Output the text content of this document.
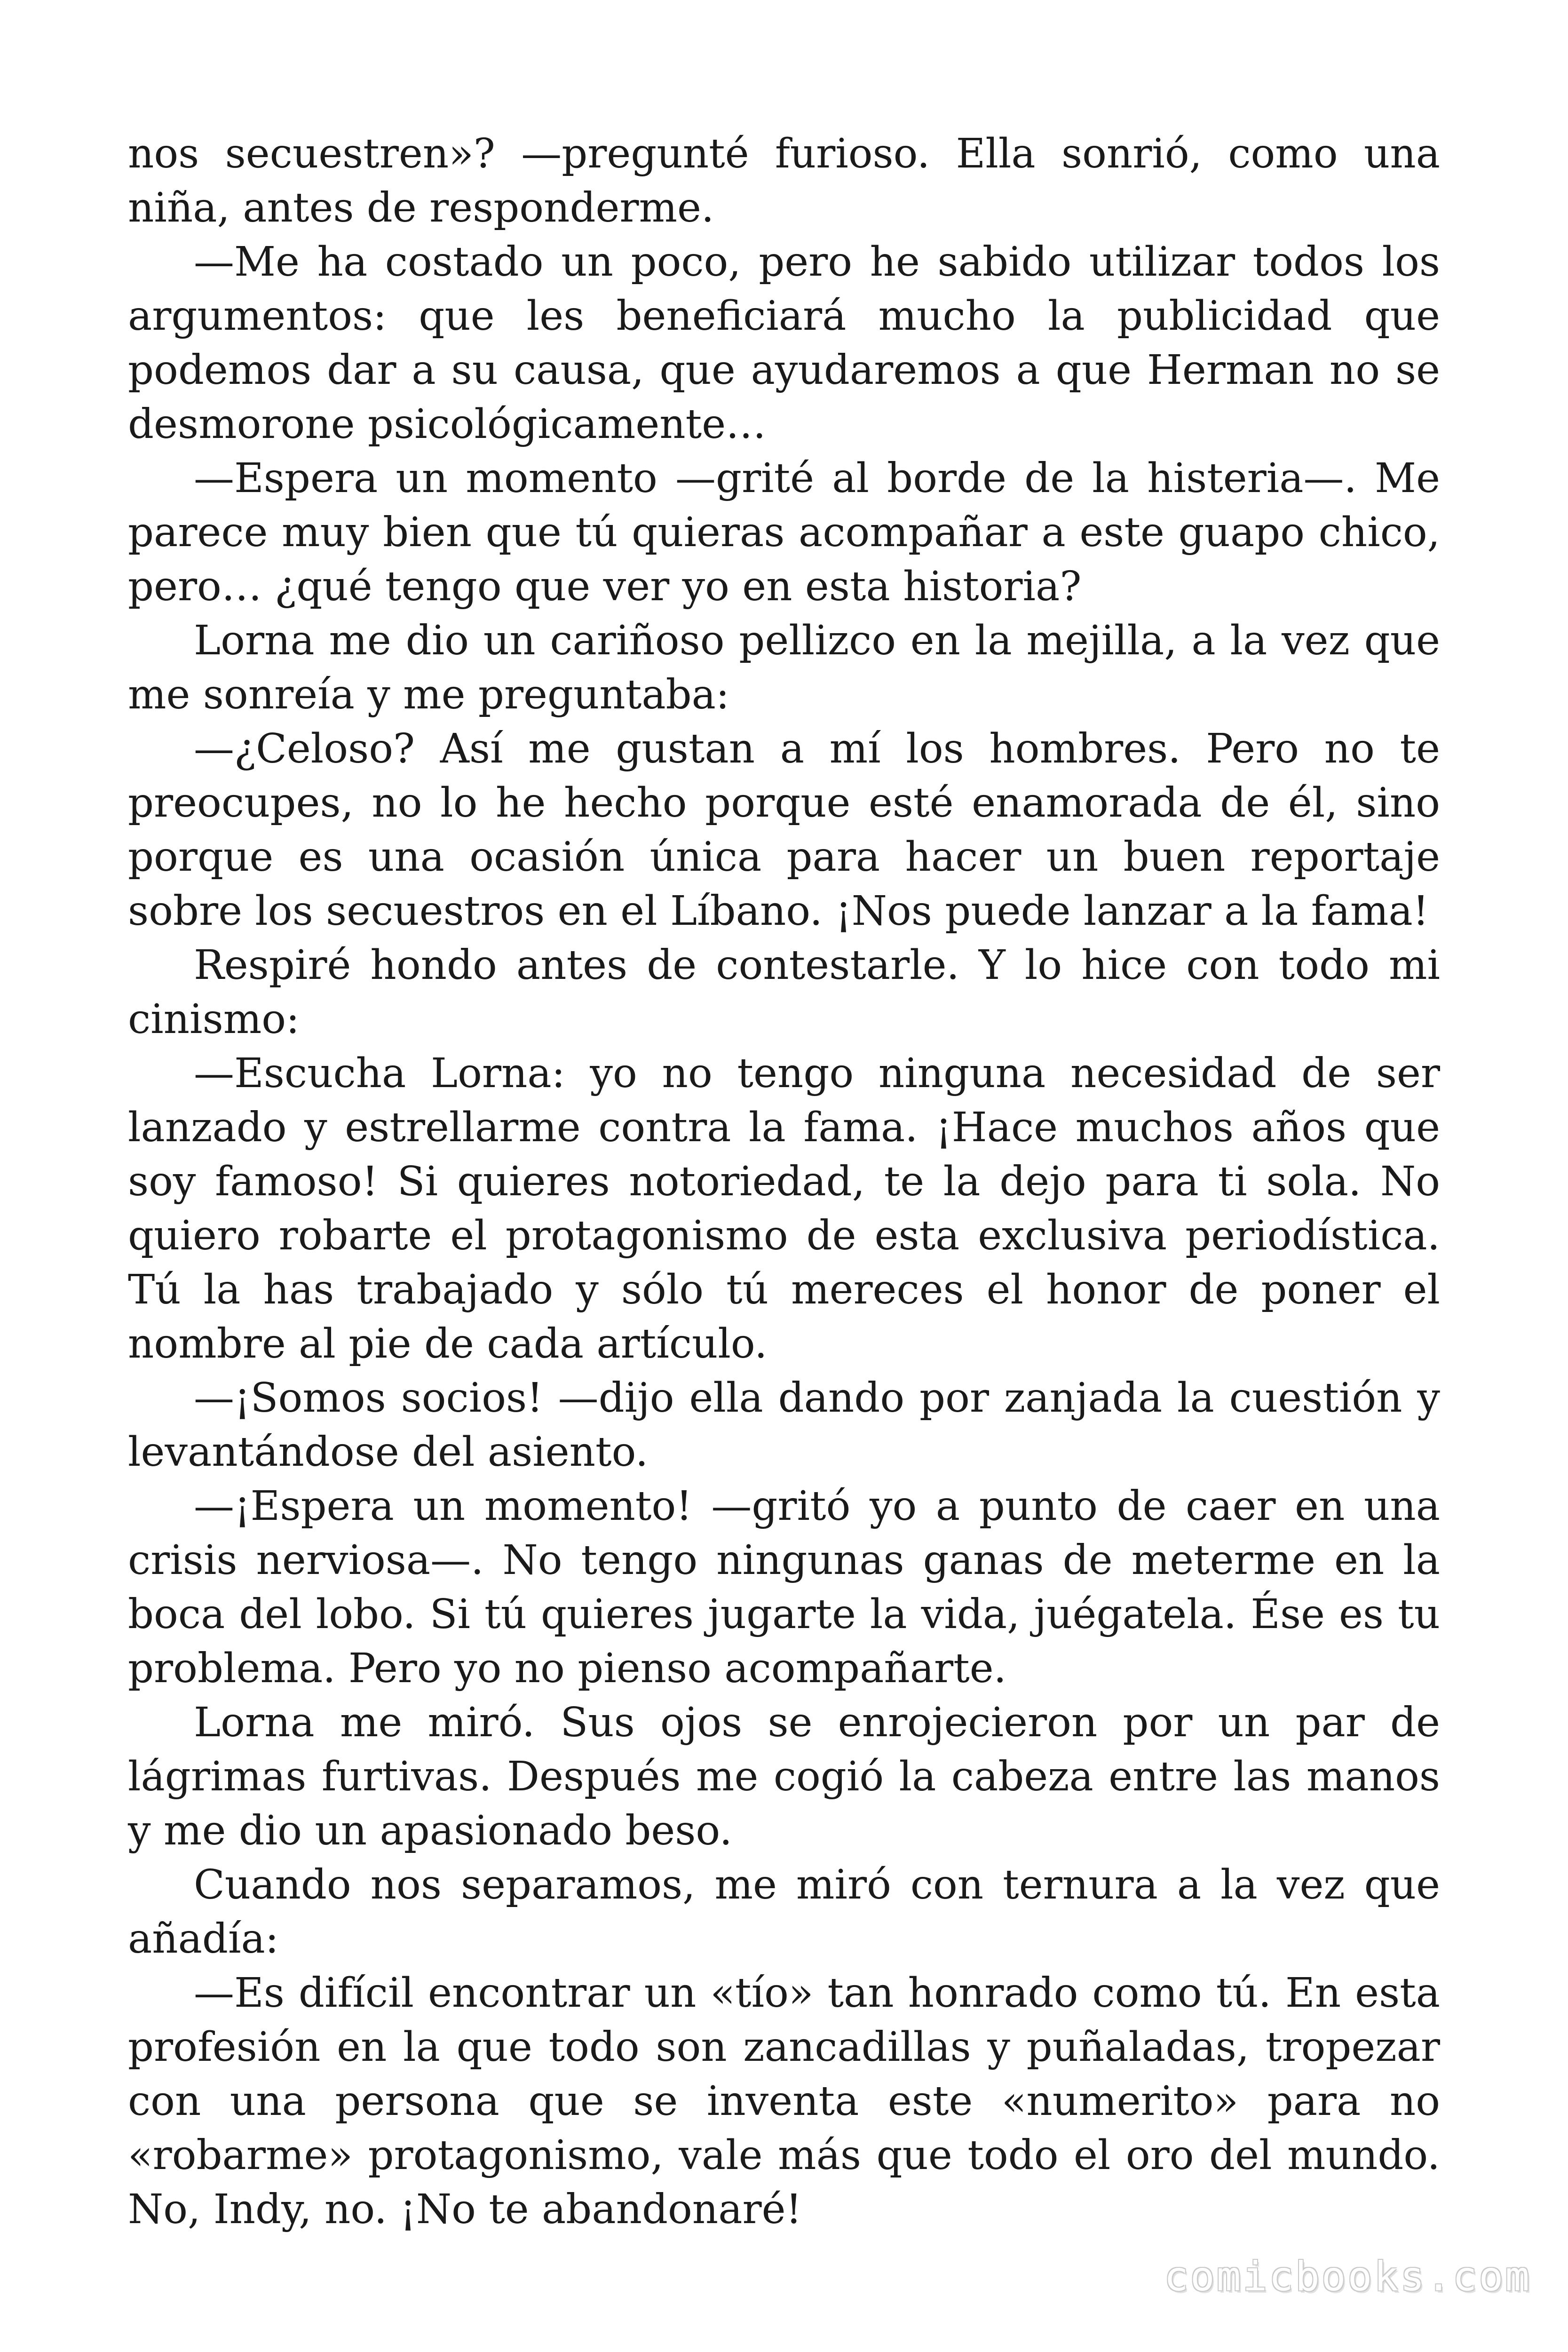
nos secuestren»? —pregunté furioso. Ella sonrió, como una niña, antes de responderme.

—Me ha costado un poco, pero he sabido utilizar todos los argumentos: que les beneficiará mucho la publicidad que podemos dar a su causa, que ayudaremos a que Herman no se desmorone psicológicamente…

—Espera un momento —grité al borde de la histeria—. Me parece muy bien que tú quieras acompañar a este guapo chico, pero… ¿qué tengo que ver yo en esta historia?

Lorna me dio un cariñoso pellizco en la mejilla, a la vez que me sonreía y me preguntaba:

—¿Celoso? Así me gustan a mí los hombres. Pero no te preocupes, no lo he hecho porque esté enamorada de él, sino porque es una ocasión única para hacer un buen reportaje sobre los secuestros en el Líbano. ¡Nos puede lanzar a la fama!

Respiré hondo antes de contestarle. Y lo hice con todo mi cinismo:

—Escucha Lorna: yo no tengo ninguna necesidad de ser lanzado y estrellarme contra la fama. ¡Hace muchos años que soy famoso! Si quieres notoriedad, te la dejo para ti sola. No quiero robarte el protagonismo de esta exclusiva periodística. Tú la has trabajado y sólo tú mereces el honor de poner el nombre al pie de cada artículo.

—¡Somos socios! —dijo ella dando por zanjada la cuestión y levantándose del asiento.

—¡Espera un momento! —gritó yo a punto de caer en una crisis nerviosa—. No tengo ningunas ganas de meterme en la boca del lobo. Si tú quieres jugarte la vida, juégatela. Ése es tu problema. Pero yo no pienso acompañarte.

Lorna me miró. Sus ojos se enrojecieron por un par de lágrimas furtivas. Después me cogió la cabeza entre las manos y me dio un apasionado beso.

Cuando nos separamos, me miró con ternura a la vez que añadía:

—Es difícil encontrar un «tío» tan honrado como tú. En esta profesión en la que todo son zancadillas y puñaladas, tropezar con una persona que se inventa este «numerito» para no «robarme» protagonismo, vale más que todo el oro del mundo. No, Indy, no. ¡No te abandonaré!

comicbooks.com
